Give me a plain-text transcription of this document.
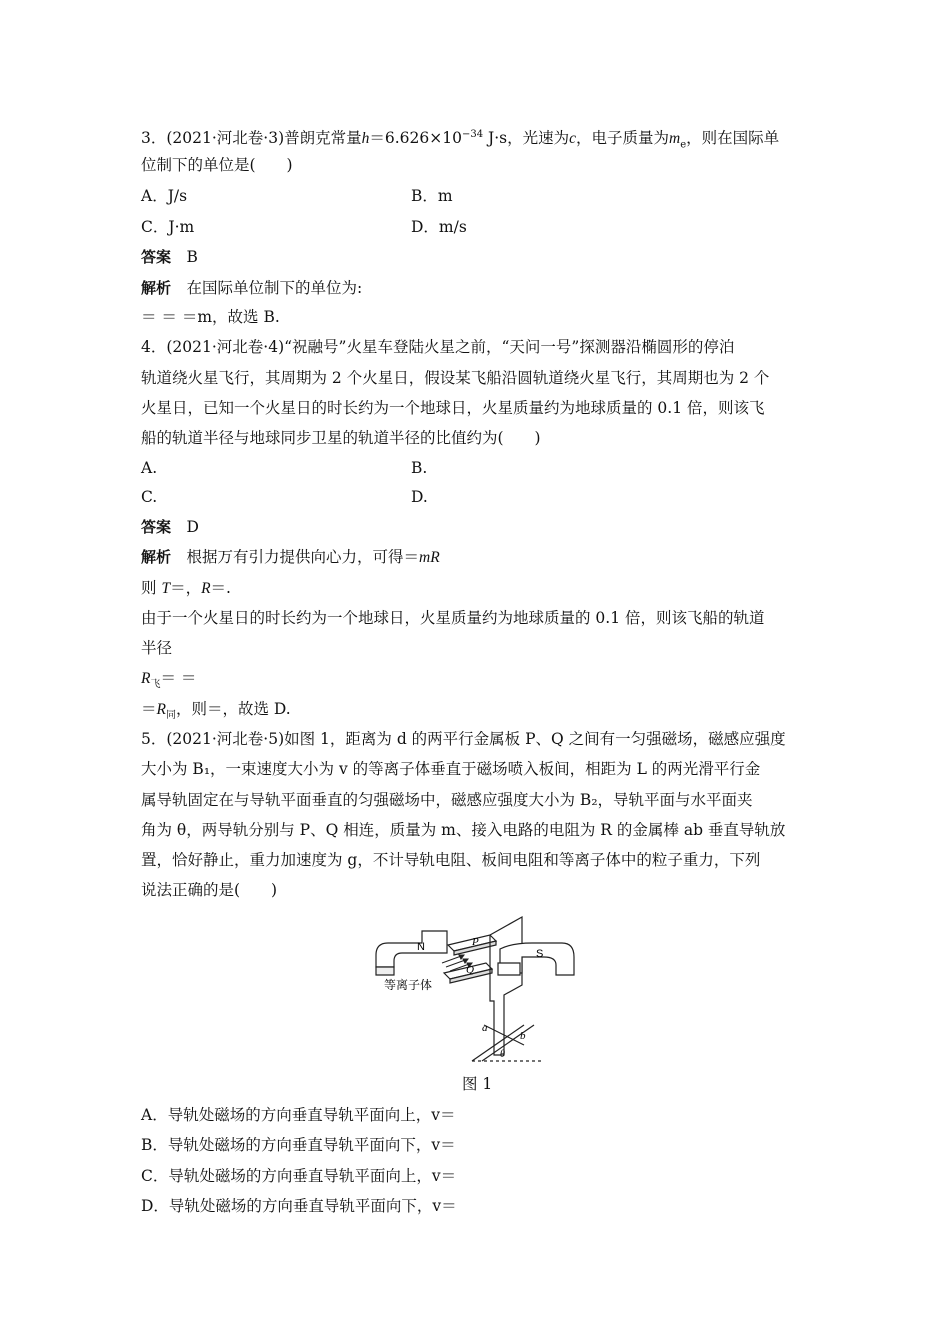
3．(2021·河北卷·3)普朗克常量$h=6.626\times 10^{-34}$ J·s，光速为c，电子质量为$m_e$，则在国际单
位制下的单位是(　　)
A．J/s	B．m
C．J·m	D．m/s
答案　 B
解析　 在国际单位制下的单位为:
＝ ＝ ＝m，故选 B.
4．(2021·河北卷·4)“祝融号”火星车登陆火星之前，“天问一号”探测器沿椭圆形的停泊
轨道绕火星飞行，其周期为 2 个火星日，假设某飞船沿圆轨道绕火星飞行，其周期也为 2 个
火星日，已知一个火星日的时长约为一个地球日，火星质量约为地球质量的 0.1 倍，则该飞
船的轨道半径与地球同步卫星的轨道半径的比值约为(　　)
A.	B.
C.	D.
答案　 D
解析　 根据万有引力提供向心力，可得＝mR
则 T＝，R＝.
由于一个火星日的时长约为一个地球日，火星质量约为地球质量的 0.1 倍，则该飞船的轨道
半径
$R_飞=$ ＝
$=R_同$，则＝，故选 D.
5．(2021·河北卷·5)如图 1，距离为 d 的两平行金属板 P、Q 之间有一匀强磁场，磁感应强度
大小为 B₁，一束速度大小为 v 的等离子体垂直于磁场喷入板间，相距为 L 的两光滑平行金
属导轨固定在与导轨平面垂直的匀强磁场中，磁感应强度大小为 B₂，导轨平面与水平面夹
角为 θ，两导轨分别与 P、Q 相连，质量为 m、接入电路的电阻为 R 的金属棒 ab 垂直导轨放
置，恰好静止，重力加速度为 g，不计导轨电阻、板间电阻和等离子体中的粒子重力，下列
说法正确的是(　　)
N	P
Q
S
等离子体
a
b
θ
图 1
A．导轨处磁场的方向垂直导轨平面向上，v＝
B．导轨处磁场的方向垂直导轨平面向下，v＝
C．导轨处磁场的方向垂直导轨平面向上，v＝
D．导轨处磁场的方向垂直导轨平面向下，v＝
